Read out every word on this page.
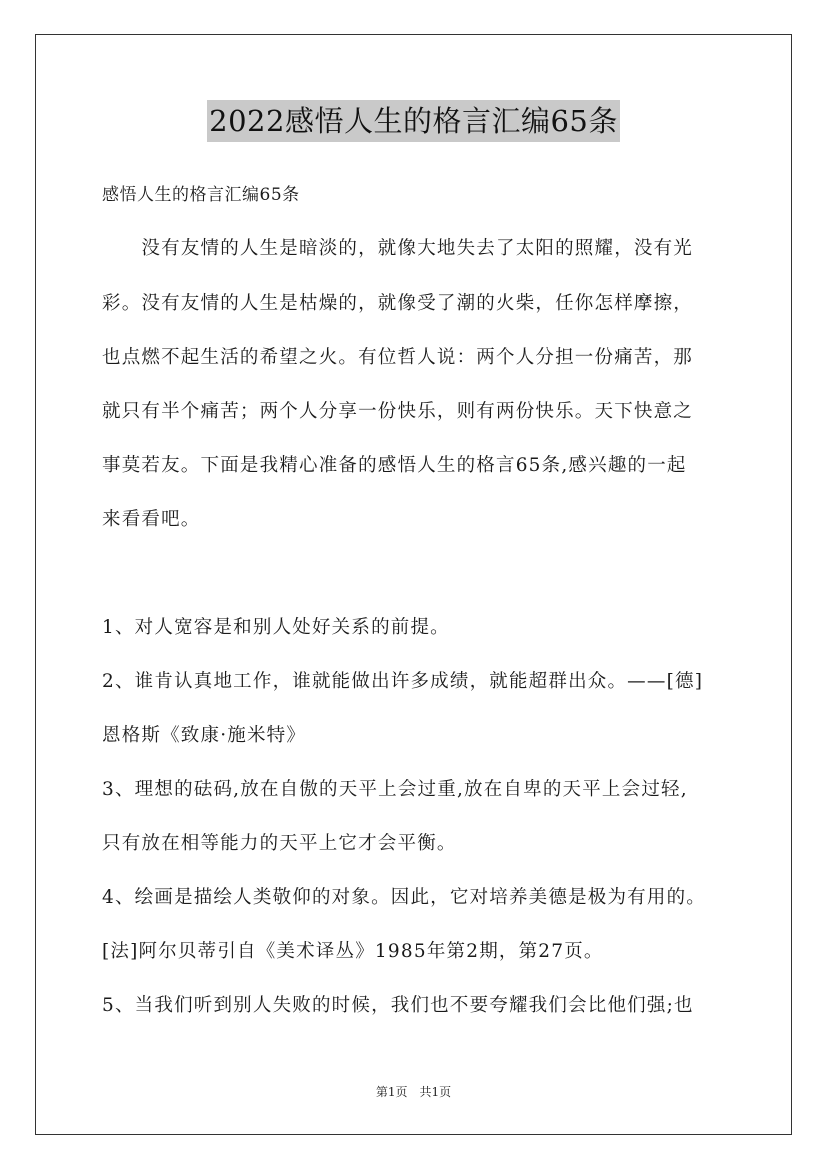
2022感悟人生的格言汇编65条
感悟人生的格言汇编65条
　　没有友情的人生是暗淡的，就像大地失去了太阳的照耀，没有光
彩。没有友情的人生是枯燥的，就像受了潮的火柴，任你怎样摩擦，
也点燃不起生活的希望之火。有位哲人说：两个人分担一份痛苦，那
就只有半个痛苦；两个人分享一份快乐，则有两份快乐。天下快意之
事莫若友。下面是我精心准备的感悟人生的格言65条,感兴趣的一起
来看看吧。
1、对人宽容是和别人处好关系的前提。
2、谁肯认真地工作，谁就能做出许多成绩，就能超群出众。——[德]
恩格斯《致康·施米特》
3、理想的砝码,放在自傲的天平上会过重,放在自卑的天平上会过轻,
只有放在相等能力的天平上它才会平衡。
4、绘画是描绘人类敬仰的对象。因此，它对培养美德是极为有用的。
[法]阿尔贝蒂引自《美术译丛》1985年第2期，第27页。
5、当我们听到别人失败的时候，我们也不要夸耀我们会比他们强;也
第1页　共1页
